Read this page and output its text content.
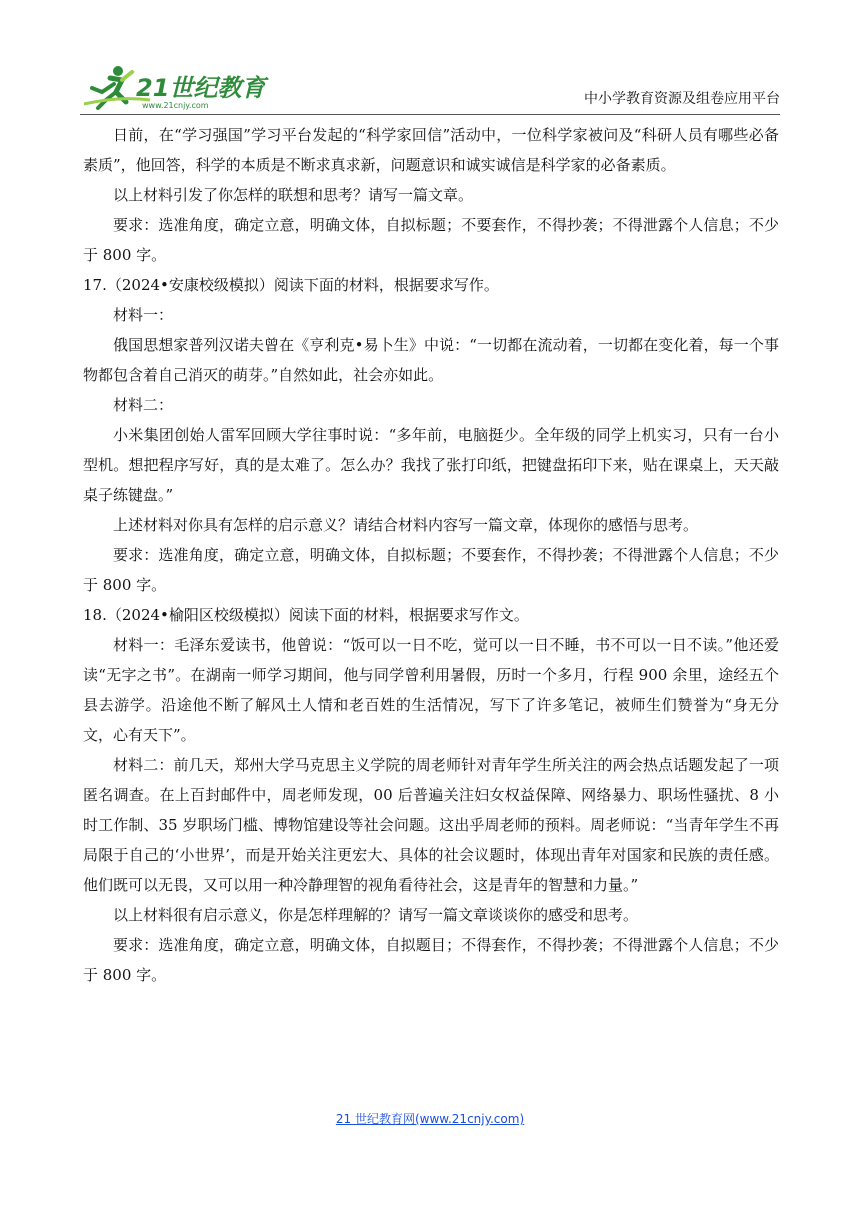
21世纪教育
www.21cnjy.com	中小学教育资源及组卷应用平台

日前，在“学习强国”学习平台发起的“科学家回信”活动中，一位科学家被问及“科研人员有哪些必备素质”，他回答，科学的本质是不断求真求新，问题意识和诚实诚信是科学家的必备素质。

以上材料引发了你怎样的联想和思考？请写一篇文章。

要求：选准角度，确定立意，明确文体，自拟标题；不要套作，不得抄袭；不得泄露个人信息；不少于 800 字。

17.（2024•安康校级模拟）阅读下面的材料，根据要求写作。

材料一：

俄国思想家普列汉诺夫曾在《亨利克•易卜生》中说：“一切都在流动着，一切都在变化着，每一个事物都包含着自己消灭的萌芽。”自然如此，社会亦如此。

材料二：

小米集团创始人雷军回顾大学往事时说：“多年前，电脑挺少。全年级的同学上机实习，只有一台小型机。想把程序写好，真的是太难了。怎么办？我找了张打印纸，把键盘拓印下来，贴在课桌上，天天敲桌子练键盘。”

上述材料对你具有怎样的启示意义？请结合材料内容写一篇文章，体现你的感悟与思考。

要求：选准角度，确定立意，明确文体，自拟标题；不要套作，不得抄袭；不得泄露个人信息；不少于 800 字。

18.（2024•榆阳区校级模拟）阅读下面的材料，根据要求写作文。

材料一：毛泽东爱读书，他曾说：“饭可以一日不吃，觉可以一日不睡，书不可以一日不读。”他还爱读“无字之书”。在湖南一师学习期间，他与同学曾利用暑假，历时一个多月，行程 900 余里，途经五个县去游学。沿途他不断了解风土人情和老百姓的生活情况，写下了许多笔记，被师生们赞誉为“身无分文，心有天下”。

材料二：前几天，郑州大学马克思主义学院的周老师针对青年学生所关注的两会热点话题发起了一项匿名调查。在上百封邮件中，周老师发现，00 后普遍关注妇女权益保障、网络暴力、职场性骚扰、8 小时工作制、35 岁职场门槛、博物馆建设等社会问题。这出乎周老师的预料。周老师说：“当青年学生不再局限于自己的‘小世界’，而是开始关注更宏大、具体的社会议题时，体现出青年对国家和民族的责任感。他们既可以无畏，又可以用一种冷静理智的视角看待社会，这是青年的智慧和力量。”

以上材料很有启示意义，你是怎样理解的？请写一篇文章谈谈你的感受和思考。

要求：选准角度，确定立意，明确文体，自拟题目；不得套作，不得抄袭；不得泄露个人信息；不少于 800 字。

21 世纪教育网(www.21cnjy.com)
